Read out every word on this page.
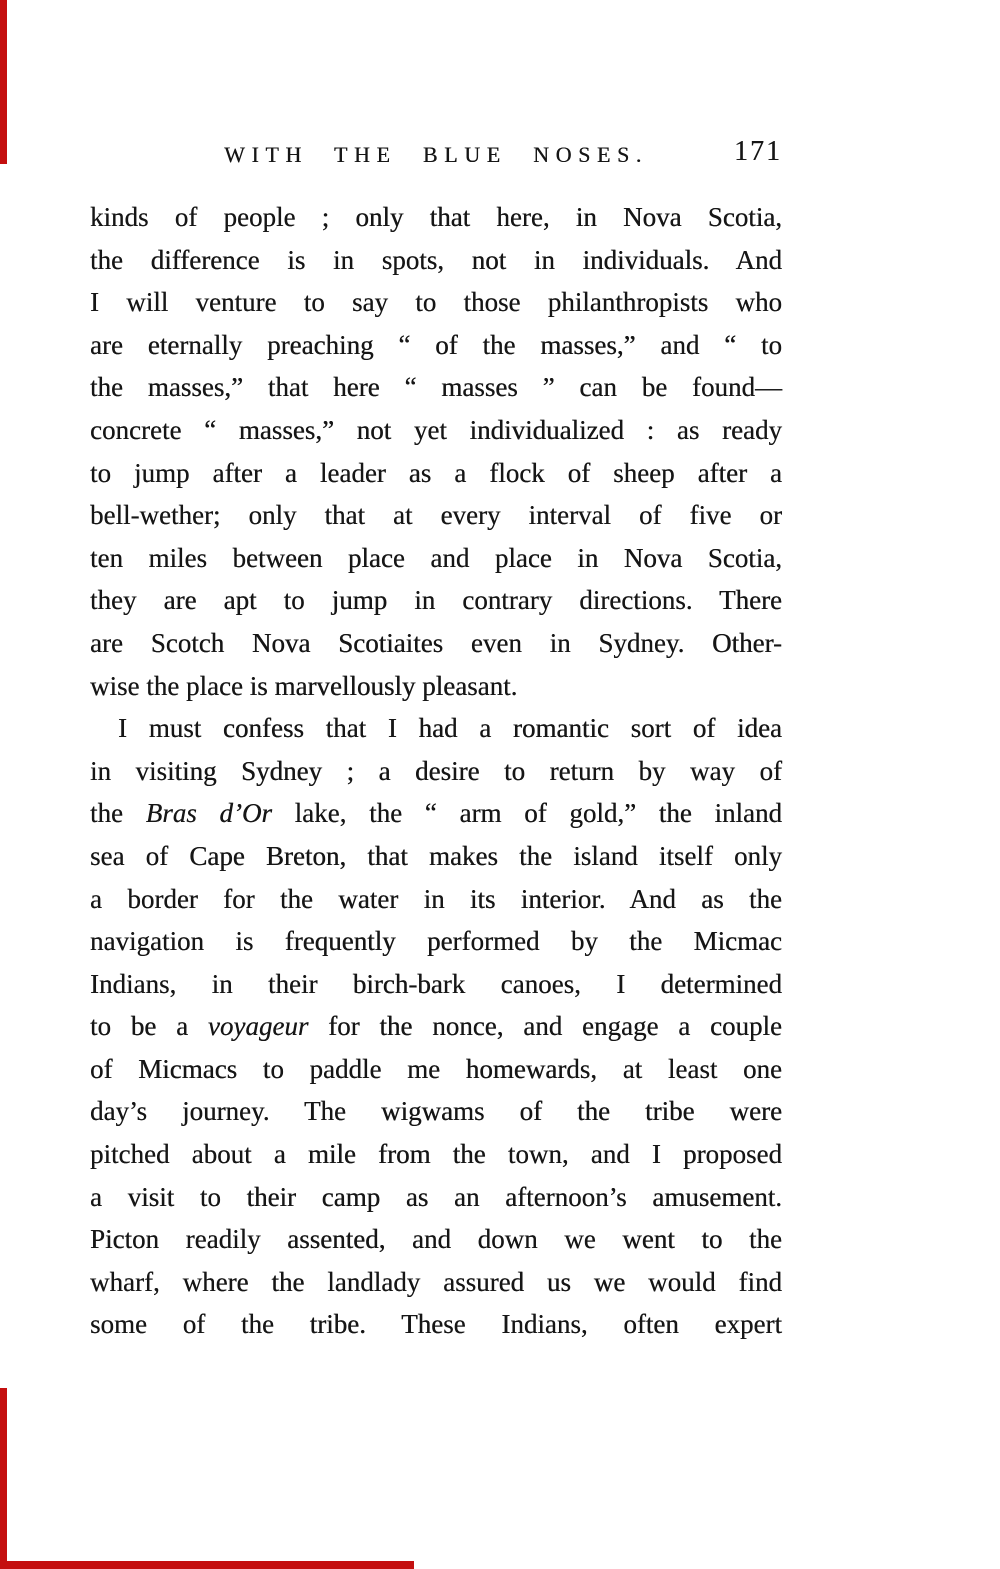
WITH THE BLUE NOSES.	171
kinds of people ; only that here, in Nova Scotia,
the difference is in spots, not in individuals. And
I will venture to say to those philanthropists who
are eternally preaching “ of the masses,” and “ to
the masses,” that here “ masses ” can be found—
concrete “ masses,” not yet individualized : as ready
to jump after a leader as a flock of sheep after a
bell-wether; only that at every interval of five or
ten miles between place and place in Nova Scotia,
they are apt to jump in contrary directions. There
are Scotch Nova Scotiaites even in Sydney. Other-
wise the place is marvellously pleasant.
I must confess that I had a romantic sort of idea
in visiting Sydney ; a desire to return by way of
the Bras d’Or lake, the “ arm of gold,” the inland
sea of Cape Breton, that makes the island itself only
a border for the water in its interior. And as the
navigation is frequently performed by the Micmac
Indians, in their birch-bark canoes, I determined
to be a voyageur for the nonce, and engage a couple
of Micmacs to paddle me homewards, at least one
day’s journey. The wigwams of the tribe were
pitched about a mile from the town, and I proposed
a visit to their camp as an afternoon’s amusement.
Picton readily assented, and down we went to the
wharf, where the landlady assured us we would find
some of the tribe. These Indians, often expert
